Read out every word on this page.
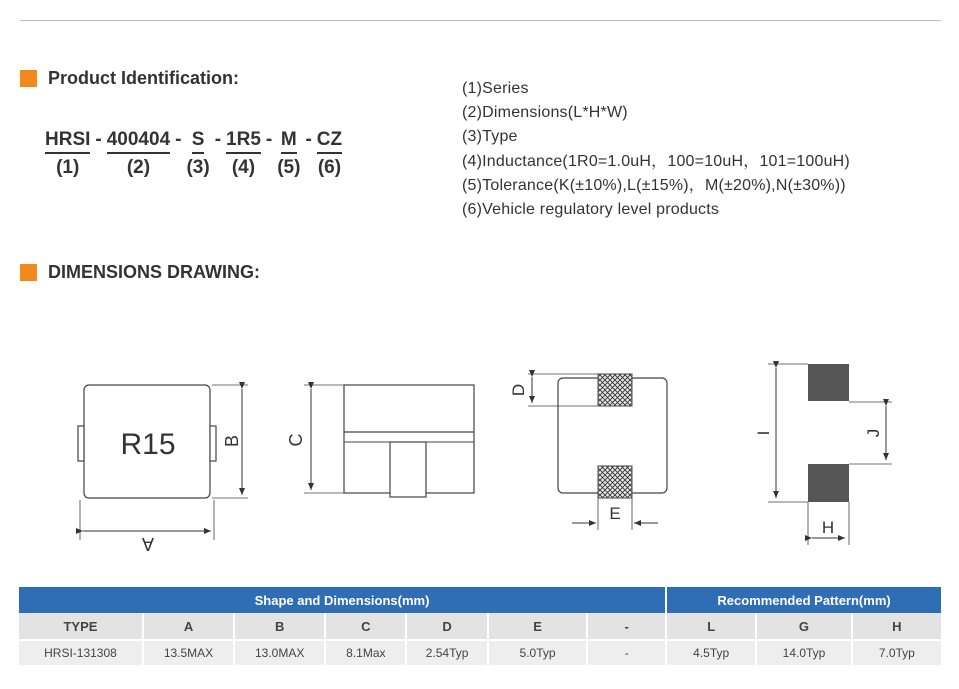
Product Identification:
HRSI
(1)
- 400404
(2)
- S
(3)
- 1R5
(4)
- M
(5)
- CZ
(6)
(1)Series
(2)Dimensions(L*H*W)
(3)Type
(4)Inductance(1R0=1.0uH，100=10uH，101=100uH)
(5)Tolerance(K(±10%),L(±15%)，M(±20%),N(±30%))
(6)Vehicle regulatory level products
DIMENSIONS DRAWING:
R15	B
A
C
D
E
I	J
H
Shape and Dimensions(mm)							Recommended Pattern(mm)		
TYPE	A	B	C	D	E	-	L	G	H
HRSI-131308	13.5MAX	13.0MAX	8.1Max	2.54Typ	5.0Typ	-	4.5Typ	14.0Typ	7.0Typ
